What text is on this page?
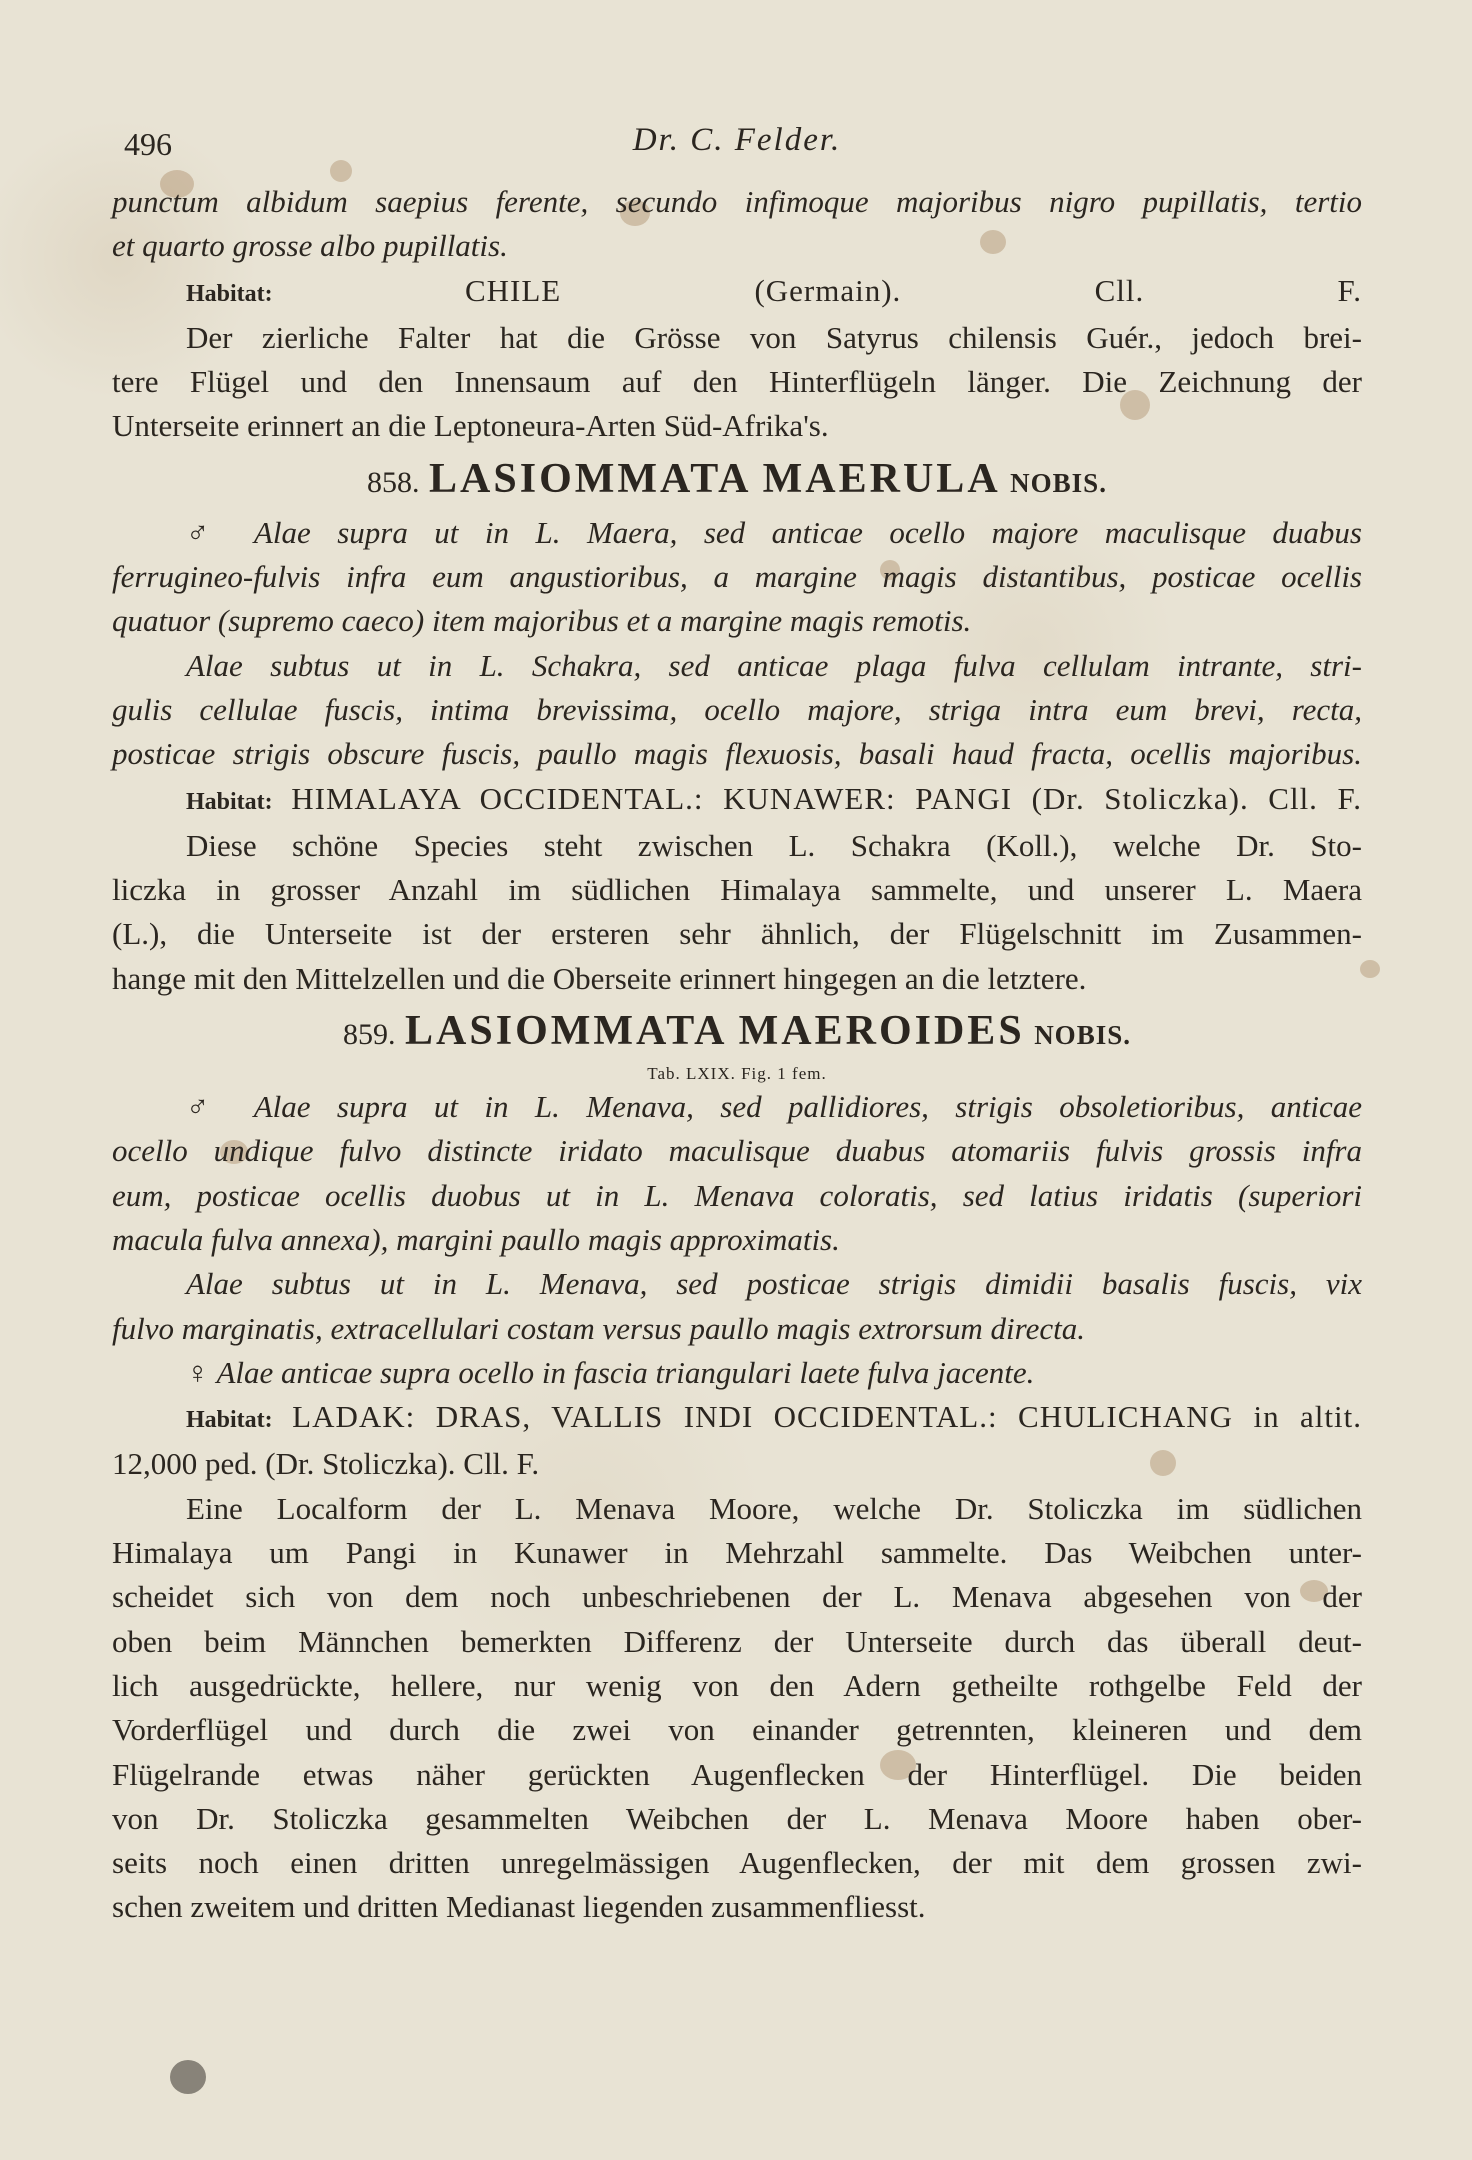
496	Dr. C. Felder.

punctum albidum saepius ferente, secundo infimoque majoribus nigro pupillatis, tertio

et quarto grosse albo pupillatis.

Habitat:	CHILE (Germain). Cll. F.

Der zierliche Falter hat die Grösse von Satyrus chilensis Guér., jedoch brei-

tere Flügel und den Innensaum auf den Hinterflügeln länger. Die Zeichnung der

Unterseite erinnert an die Leptoneura-Arten Süd-Afrika's.

858. LASIOMMATA MAERULA NOBIS.

♂ Alae supra ut in L. Maera, sed anticae ocello majore maculisque duabus

ferrugineo-fulvis infra eum angustioribus, a margine magis distantibus, posticae ocellis

quatuor (supremo caeco) item majoribus et a margine magis remotis.

Alae subtus ut in L. Schakra, sed anticae plaga fulva cellulam intrante, stri-

gulis cellulae fuscis, intima brevissima, ocello majore, striga intra eum brevi, recta,

posticae strigis obscure fuscis, paullo magis flexuosis, basali haud fracta, ocellis majoribus.

Habitat: HIMALAYA OCCIDENTAL.: KUNAWER: PANGI (Dr. Stoliczka). Cll. F.

Diese schöne Species steht zwischen L. Schakra (Koll.), welche Dr. Sto-

liczka in grosser Anzahl im südlichen Himalaya sammelte, und unserer L. Maera

(L.), die Unterseite ist der ersteren sehr ähnlich, der Flügelschnitt im Zusammen-

hange mit den Mittelzellen und die Oberseite erinnert hingegen an die letztere.

859. LASIOMMATA MAEROIDES NOBIS.
Tab. LXIX. Fig. 1 fem.

♂ Alae supra ut in L. Menava, sed pallidiores, strigis obsoletioribus, anticae

ocello undique fulvo distincte iridato maculisque duabus atomariis fulvis grossis infra

eum, posticae ocellis duobus ut in L. Menava coloratis, sed latius iridatis (superiori

macula fulva annexa), margini paullo magis approximatis.

Alae subtus ut in L. Menava, sed posticae strigis dimidii basalis fuscis, vix

fulvo marginatis, extracellulari costam versus paullo magis extrorsum directa.

♀ Alae anticae supra ocello in fascia triangulari laete fulva jacente.

Habitat: LADAK: DRAS, VALLIS INDI OCCIDENTAL.: CHULICHANG in altit.

12,000 ped. (Dr. Stoliczka). Cll. F.

Eine Localform der L. Menava Moore, welche Dr. Stoliczka im südlichen

Himalaya um Pangi in Kunawer in Mehrzahl sammelte. Das Weibchen unter-

scheidet sich von dem noch unbeschriebenen der L. Menava abgesehen von der

oben beim Männchen bemerkten Differenz der Unterseite durch das überall deut-

lich ausgedrückte, hellere, nur wenig von den Adern getheilte rothgelbe Feld der

Vorderflügel und durch die zwei von einander getrennten, kleineren und dem

Flügelrande etwas näher gerückten Augenflecken der Hinterflügel. Die beiden

von Dr. Stoliczka gesammelten Weibchen der L. Menava Moore haben ober-

seits noch einen dritten unregelmässigen Augenflecken, der mit dem grossen zwi-

schen zweitem und dritten Medianast liegenden zusammenfliesst.
